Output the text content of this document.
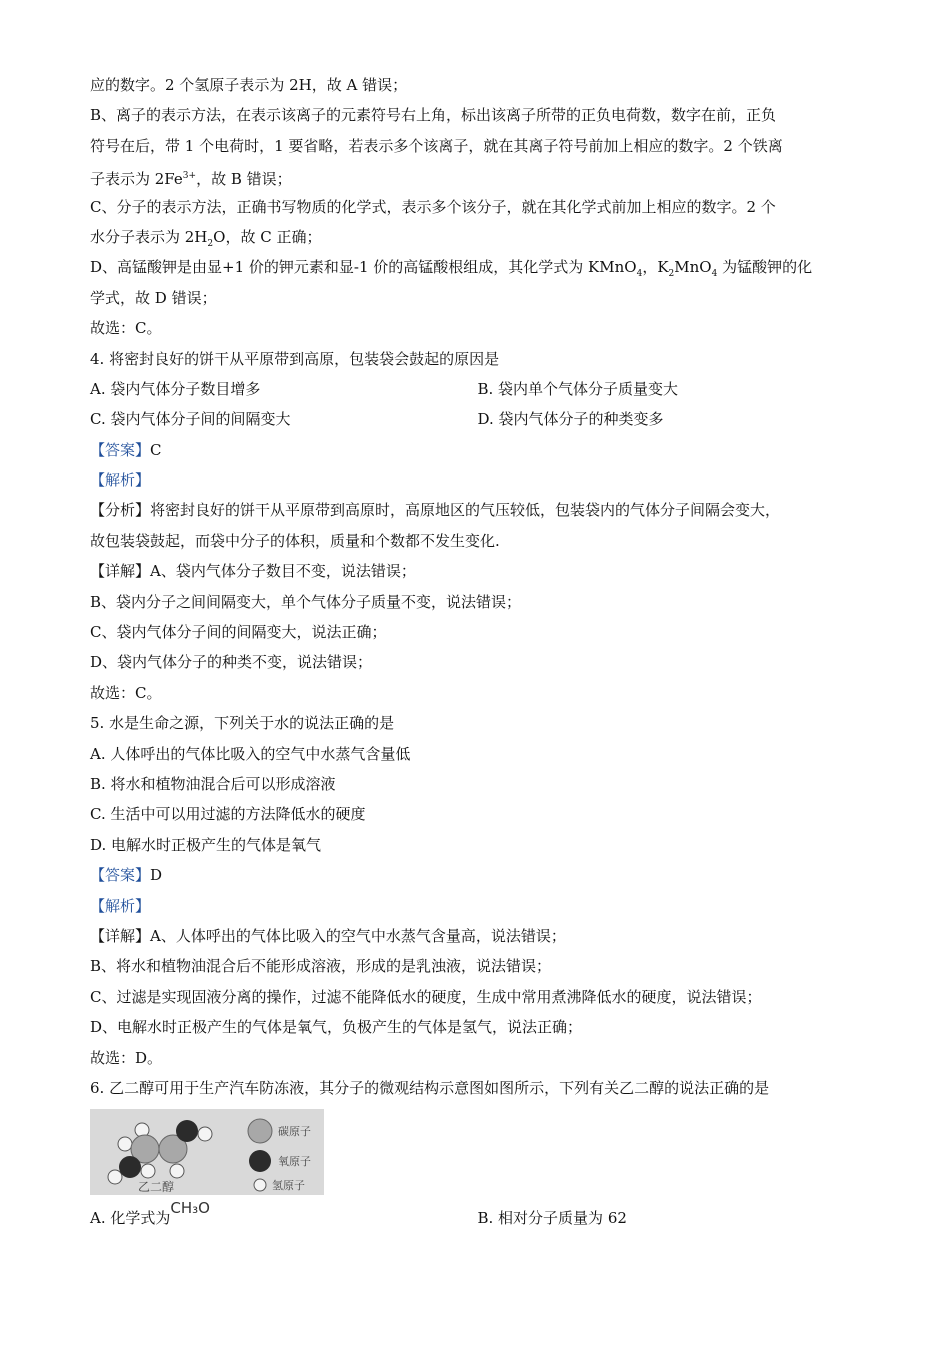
应的数字。2 个氢原子表示为 2H，故 A 错误；
B、离子的表示方法，在表示该离子的元素符号右上角，标出该离子所带的正负电荷数，数字在前，正负
符号在后，带 1 个电荷时，1 要省略，若表示多个该离子，就在其离子符号前加上相应的数字。2 个铁离
子表示为 $2Fe^{3+}$，故 B 错误；
C、分子的表示方法，正确书写物质的化学式，表示多个该分子，就在其化学式前加上相应的数字。2 个
水分子表示为 $2H_2O$，故 C 正确；
D、高锰酸钾是由显+1 价的钾元素和显-1 价的高锰酸根组成，其化学式为 KMnO$_4$，$K_2MnO_4$ 为锰酸钾的化
学式，故 D 错误；
故选：C。
4. 将密封良好的饼干从平原带到高原，包装袋会鼓起的原因是
A. 袋内气体分子数目增多	B. 袋内单个气体分子质量变大
C. 袋内气体分子间的间隔变大	D. 袋内气体分子的种类变多
【答案】C
【解析】
【分析】将密封良好的饼干从平原带到高原时，高原地区的气压较低，包装袋内的气体分子间隔会变大，
故包装袋鼓起，而袋中分子的体积，质量和个数都不发生变化.
【详解】A、袋内气体分子数目不变，说法错误；
B、袋内分子之间间隔变大，单个气体分子质量不变，说法错误；
C、袋内气体分子间的间隔变大，说法正确；
D、袋内气体分子的种类不变，说法错误；
故选：C。
5. 水是生命之源，下列关于水的说法正确的是
A. 人体呼出的气体比吸入的空气中水蒸气含量低
B. 将水和植物油混合后可以形成溶液
C. 生活中可以用过滤的方法降低水的硬度
D. 电解水时正极产生的气体是氧气
【答案】D
【解析】
【详解】A、人体呼出的气体比吸入的空气中水蒸气含量高，说法错误；
B、将水和植物油混合后不能形成溶液，形成的是乳浊液，说法错误；
C、过滤是实现固液分离的操作，过滤不能降低水的硬度，生成中常用煮沸降低水的硬度，说法错误；
D、电解水时正极产生的气体是氧气，负极产生的气体是氢气，说法正确；
故选：D。
6. 乙二醇可用于生产汽车防冻液，其分子的微观结构示意图如图所示，下列有关乙二醇的说法正确的是
碳原子
氧原子
氢原子
乙二醇
A. 化学式为CH₃O
B. 相对分子质量为 62
